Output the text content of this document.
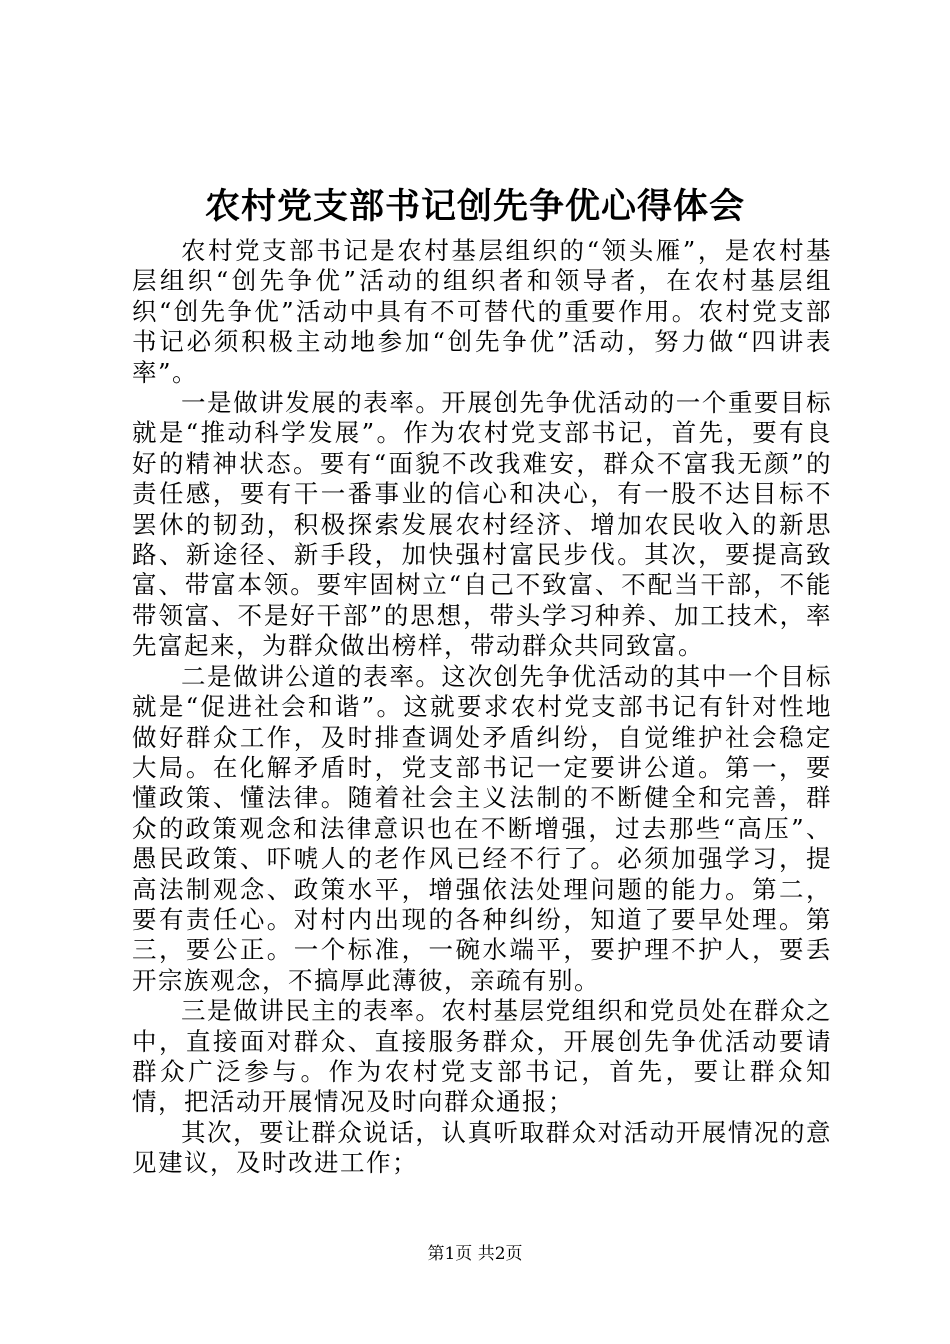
农村党支部书记创先争优心得体会

农村党支部书记是农村基层组织的“领头雁”，是农村基层组织“创先争优”活动的组织者和领导者，在农村基层组织“创先争优”活动中具有不可替代的重要作用。农村党支部书记必须积极主动地参加“创先争优”活动，努力做“四讲表率”。

一是做讲发展的表率。开展创先争优活动的一个重要目标就是“推动科学发展”。作为农村党支部书记，首先，要有良好的精神状态。要有“面貌不改我难安，群众不富我无颜”的责任感，要有干一番事业的信心和决心，有一股不达目标不罢休的韧劲，积极探索发展农村经济、增加农民收入的新思路、新途径、新手段，加快强村富民步伐。其次，要提高致富、带富本领。要牢固树立“自己不致富、不配当干部，不能带领富、不是好干部”的思想，带头学习种养、加工技术，率先富起来，为群众做出榜样，带动群众共同致富。

二是做讲公道的表率。这次创先争优活动的其中一个目标就是“促进社会和谐”。这就要求农村党支部书记有针对性地做好群众工作，及时排查调处矛盾纠纷，自觉维护社会稳定大局。在化解矛盾时，党支部书记一定要讲公道。第一，要懂政策、懂法律。随着社会主义法制的不断健全和完善，群众的政策观念和法律意识也在不断增强，过去那些“高压”、愚民政策、吓唬人的老作风已经不行了。必须加强学习，提高法制观念、政策水平，增强依法处理问题的能力。第二，要有责任心。对村内出现的各种纠纷，知道了要早处理。第三，要公正。一个标准，一碗水端平，要护理不护人，要丢开宗族观念，不搞厚此薄彼，亲疏有别。

三是做讲民主的表率。农村基层党组织和党员处在群众之中，直接面对群众、直接服务群众，开展创先争优活动要请群众广泛参与。作为农村党支部书记，首先，要让群众知情，把活动开展情况及时向群众通报；

其次，要让群众说话，认真听取群众对活动开展情况的意见建议，及时改进工作；

第1页 共2页
